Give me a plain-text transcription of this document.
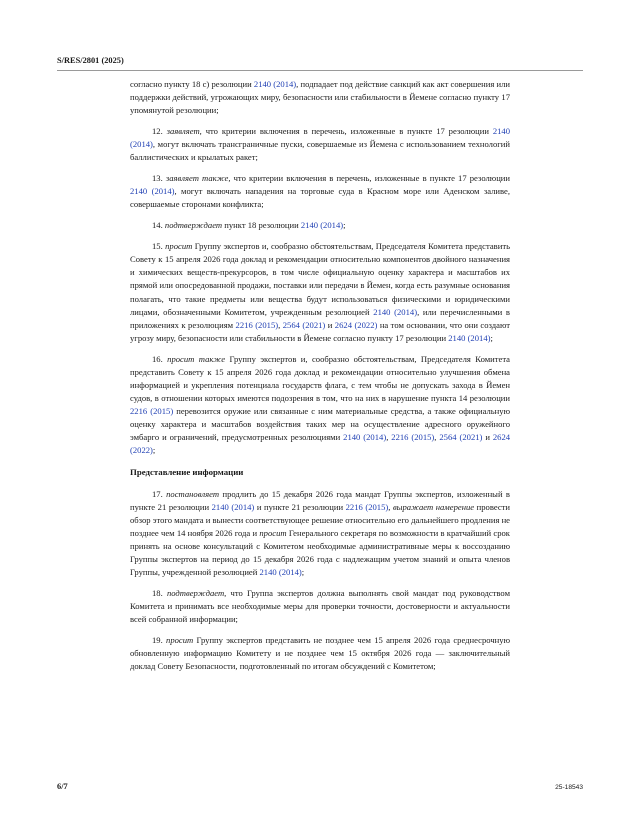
S/RES/2801 (2025)

согласно пункту 18 c) резолюции 2140 (2014), подпадает под действие санкций как акт совершения или поддержки действий, угрожающих миру, безопасности или стабильности в Йемене согласно пункту 17 упомянутой резолюции;

12. заявляет, что критерии включения в перечень, изложенные в пункте 17 резолюции 2140 (2014), могут включать трансграничные пуски, совершаемые из Йемена с использованием технологий баллистических и крылатых ракет;

13. заявляет также, что критерии включения в перечень, изложенные в пункте 17 резолюции 2140 (2014), могут включать нападения на торговые суда в Красном море или Аденском заливе, совершаемые сторонами конфликта;

14. подтверждает пункт 18 резолюции 2140 (2014);

15. просит Группу экспертов и, сообразно обстоятельствам, Председателя Комитета представить Совету к 15 апреля 2026 года доклад и рекомендации относительно компонентов двойного назначения и химических веществ-прекурсоров, в том числе официальную оценку характера и масштабов их прямой или опосредованной продажи, поставки или передачи в Йемен, когда есть разумные основания полагать, что такие предметы или вещества будут использоваться физическими и юридическими лицами, обозначенными Комитетом, учрежденным резолюцией 2140 (2014), или перечисленными в приложениях к резолюциям 2216 (2015), 2564 (2021) и 2624 (2022) на том основании, что они создают угрозу миру, безопасности или стабильности в Йемене согласно пункту 17 резолюции 2140 (2014);

16. просит также Группу экспертов и, сообразно обстоятельствам, Председателя Комитета представить Совету к 15 апреля 2026 года доклад и рекомендации относительно улучшения обмена информацией и укрепления потенциала государств флага, с тем чтобы не допускать захода в Йемен судов, в отношении которых имеются подозрения в том, что на них в нарушение пункта 14 резолюции 2216 (2015) перевозится оружие или связанные с ним материальные средства, а также официальную оценку характера и масштабов воздействия таких мер на осуществление адресного оружейного эмбарго и ограничений, предусмотренных резолюциями 2140 (2014), 2216 (2015), 2564 (2021) и 2624 (2022);

Представление информации

17. постановляет продлить до 15 декабря 2026 года мандат Группы экспертов, изложенный в пункте 21 резолюции 2140 (2014) и пункте 21 резолюции 2216 (2015), выражает намерение провести обзор этого мандата и вынести соответствующее решение относительно его дальнейшего продления не позднее чем 14 ноября 2026 года и просит Генерального секретаря по возможности в кратчайший срок принять на основе консультаций с Комитетом необходимые административные меры к воссозданию Группы экспертов на период до 15 декабря 2026 года с надлежащим учетом знаний и опыта членов Группы, учрежденной резолюцией 2140 (2014);

18. подтверждает, что Группа экспертов должна выполнять свой мандат под руководством Комитета и принимать все необходимые меры для проверки точности, достоверности и актуальности всей собранной информации;

19. просит Группу экспертов представить не позднее чем 15 апреля 2026 года среднесрочную обновленную информацию Комитету и не позднее чем 15 октября 2026 года — заключительный доклад Совету Безопасности, подготовленный по итогам обсуждений с Комитетом;

6/7	25-18543
